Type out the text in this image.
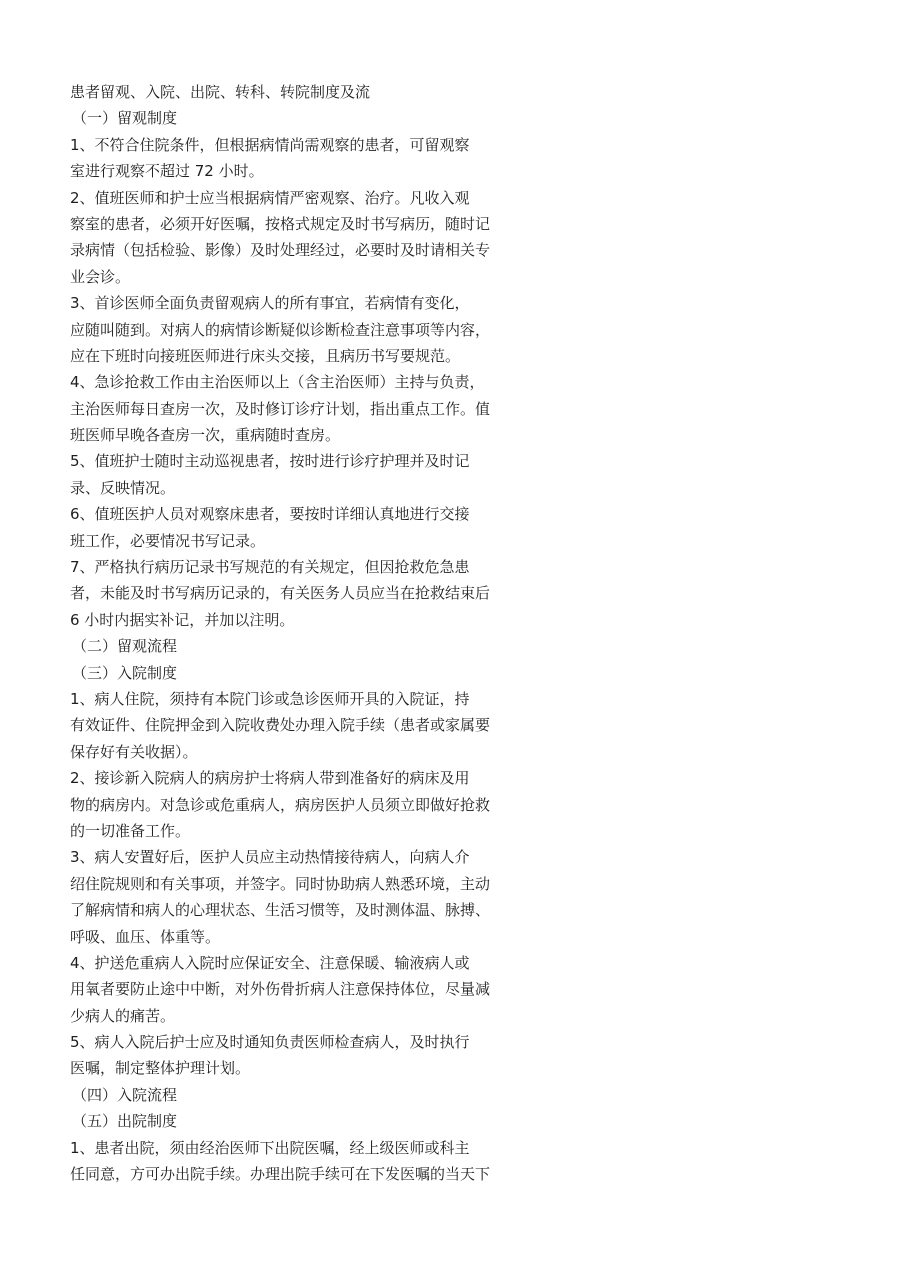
患者留观、入院、出院、转科、转院制度及流
（一）留观制度
1、不符合住院条件，但根据病情尚需观察的患者，可留观察
室进行观察不超过 72 小时。
2、值班医师和护士应当根据病情严密观察、治疗。凡收入观
察室的患者，必须开好医嘱，按格式规定及时书写病历，随时记
录病情（包括检验、影像）及时处理经过，必要时及时请相关专
业会诊。
3、首诊医师全面负责留观病人的所有事宜，若病情有变化，
应随叫随到。对病人的病情诊断疑似诊断检查注意事项等内容，
应在下班时向接班医师进行床头交接，且病历书写要规范。
4、急诊抢救工作由主治医师以上（含主治医师）主持与负责，
主治医师每日查房一次，及时修订诊疗计划，指出重点工作。值
班医师早晚各查房一次，重病随时查房。
5、值班护士随时主动巡视患者，按时进行诊疗护理并及时记
录、反映情况。
6、值班医护人员对观察床患者，要按时详细认真地进行交接
班工作，必要情况书写记录。
7、严格执行病历记录书写规范的有关规定，但因抢救危急患
者，未能及时书写病历记录的，有关医务人员应当在抢救结束后
6 小时内据实补记，并加以注明。
（二）留观流程
（三）入院制度
1、病人住院，须持有本院门诊或急诊医师开具的入院证，持
有效证件、住院押金到入院收费处办理入院手续（患者或家属要
保存好有关收据）。
2、接诊新入院病人的病房护士将病人带到准备好的病床及用
物的病房内。对急诊或危重病人，病房医护人员须立即做好抢救
的一切准备工作。
3、病人安置好后，医护人员应主动热情接待病人，向病人介
绍住院规则和有关事项，并签字。同时协助病人熟悉环境，主动
了解病情和病人的心理状态、生活习惯等，及时测体温、脉搏、
呼吸、血压、体重等。
4、护送危重病人入院时应保证安全、注意保暖、输液病人或
用氧者要防止途中中断，对外伤骨折病人注意保持体位，尽量减
少病人的痛苦。
5、病人入院后护士应及时通知负责医师检查病人，及时执行
医嘱，制定整体护理计划。
（四）入院流程
（五）出院制度
1、患者出院，须由经治医师下出院医嘱，经上级医师或科主
任同意，方可办出院手续。办理出院手续可在下发医嘱的当天下
